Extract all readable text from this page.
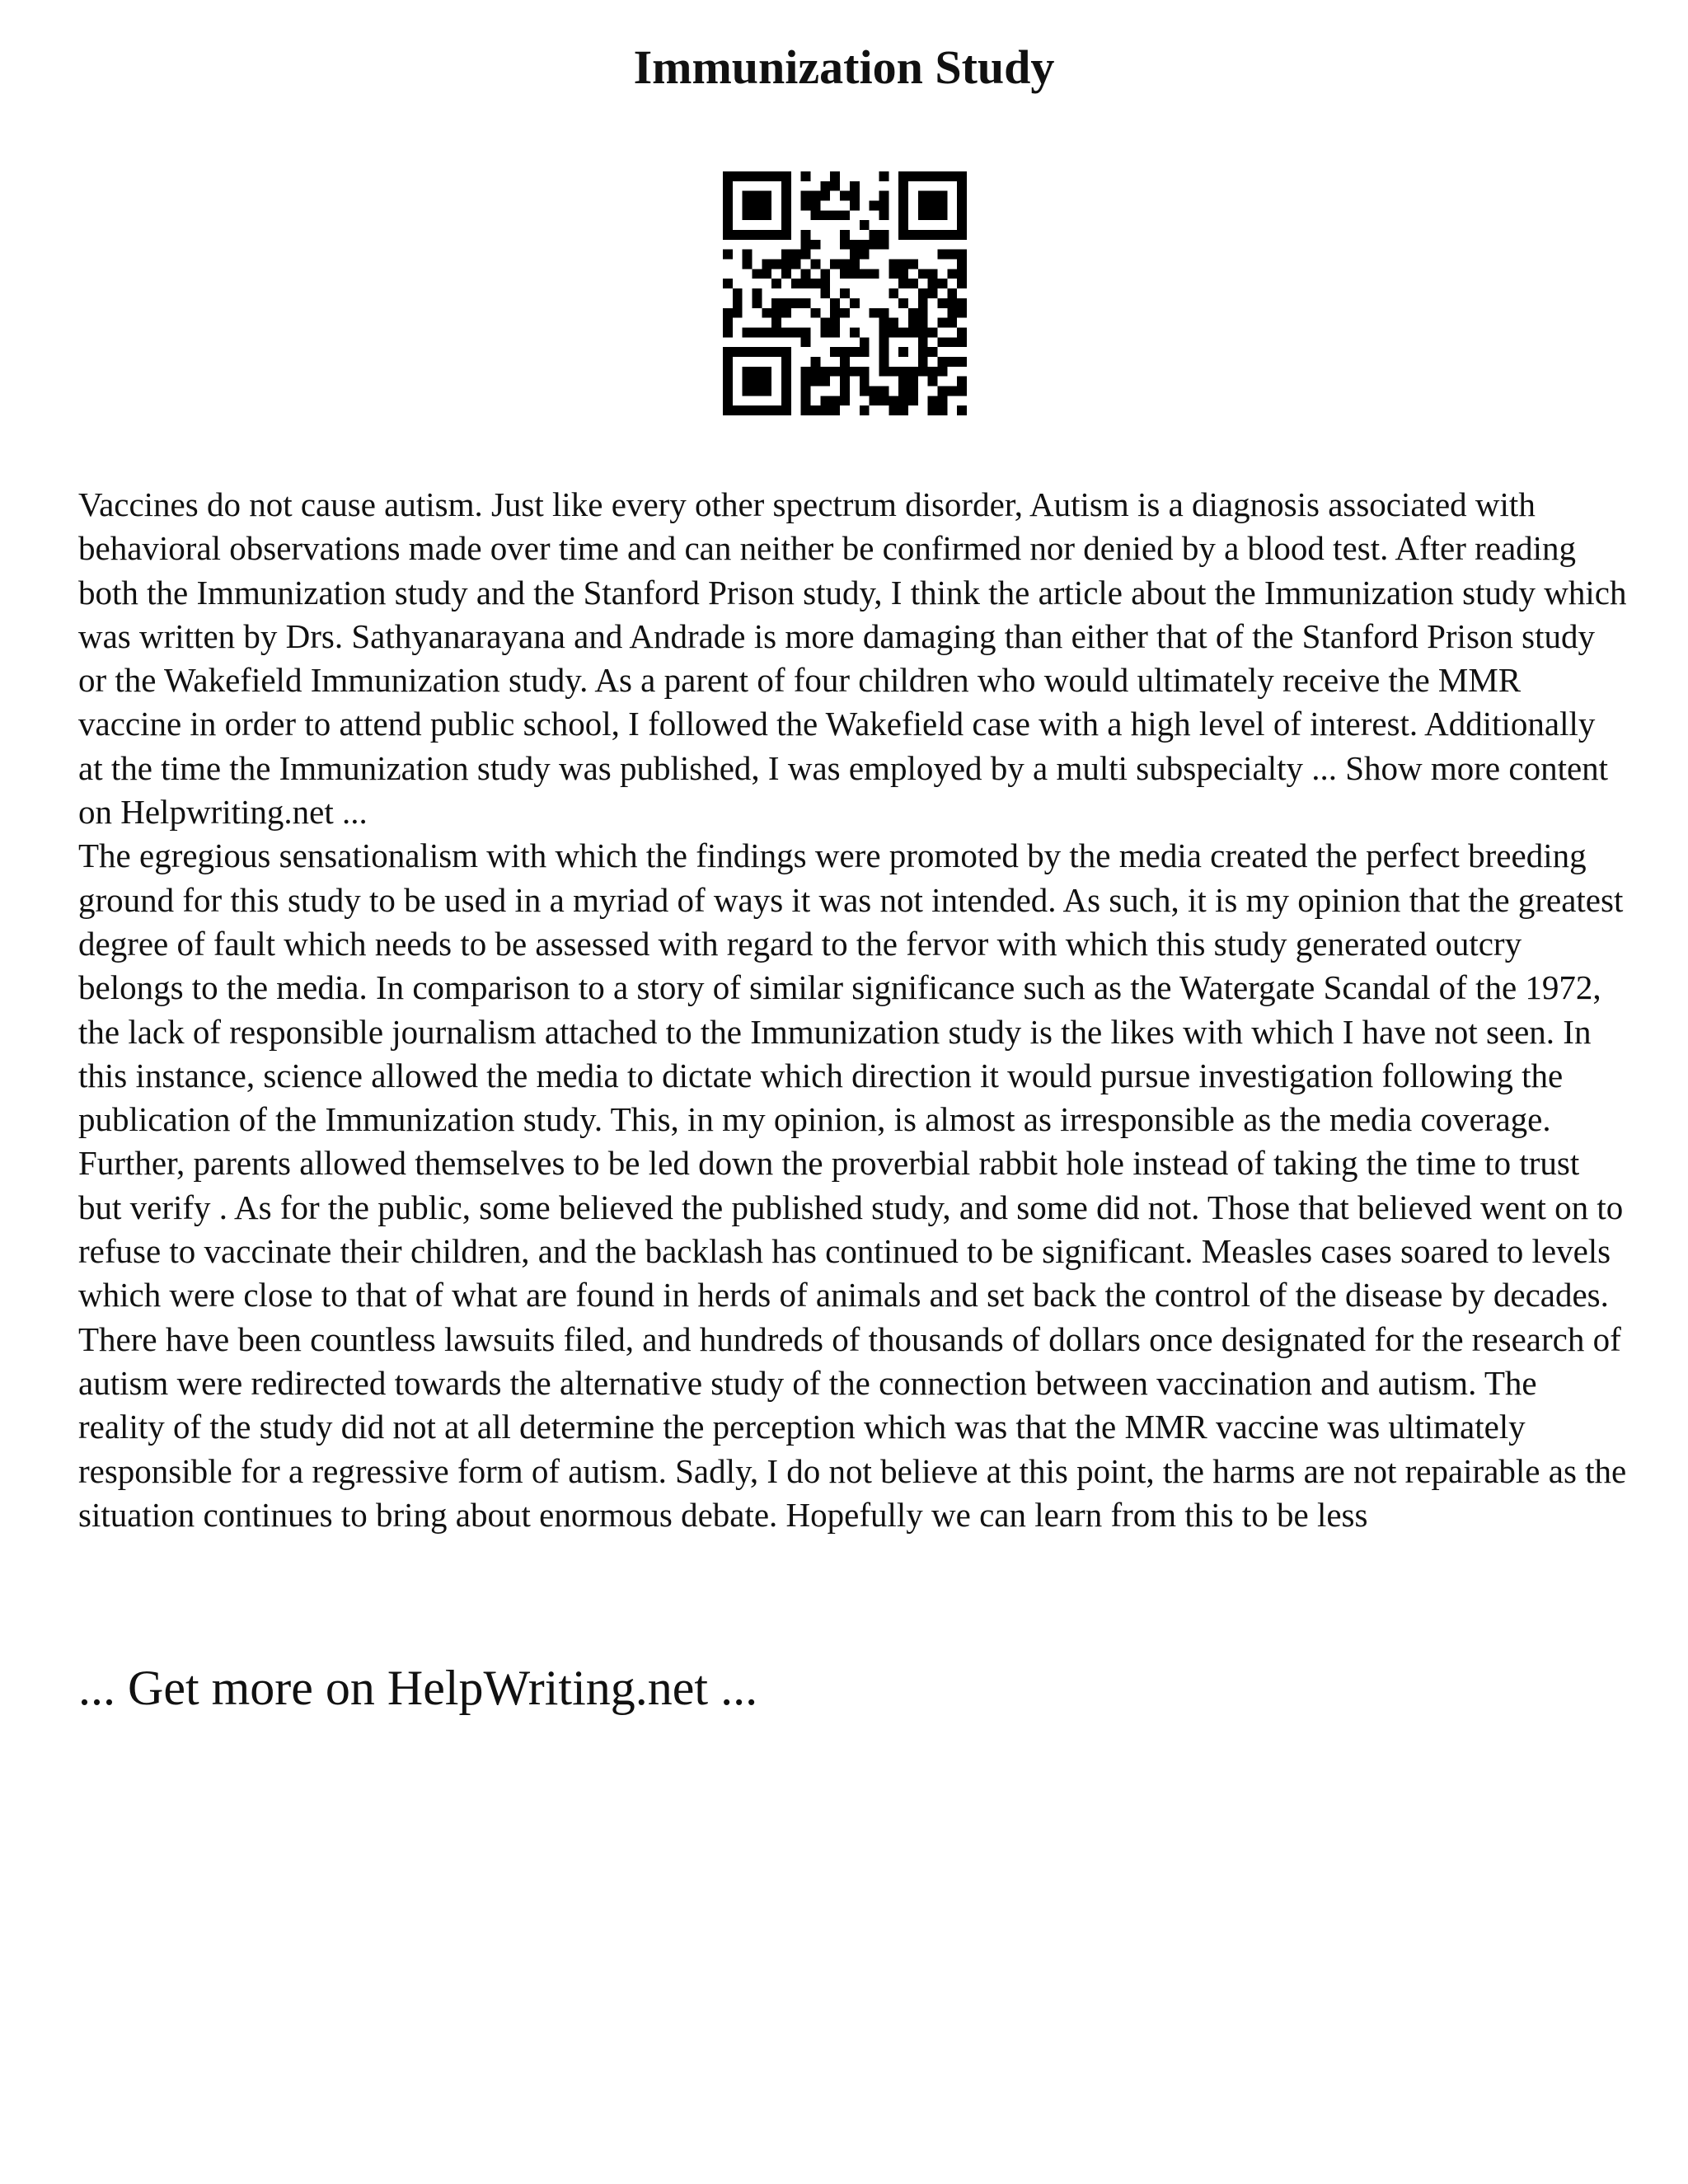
Immunization Study

Vaccines do not cause autism. Just like every other spectrum disorder, Autism is a diagnosis associated with behavioral observations made over time and can neither be confirmed nor denied by a blood test. After reading both the Immunization study and the Stanford Prison study, I think the article about the Immunization study which was written by Drs. Sathyanarayana and Andrade is more damaging than either that of the Stanford Prison study or the Wakefield Immunization study. As a parent of four children who would ultimately receive the MMR vaccine in order to attend public school, I followed the Wakefield case with a high level of interest. Additionally at the time the Immunization study was published, I was employed by a multi subspecialty ... Show more content on Helpwriting.net ...

The egregious sensationalism with which the findings were promoted by the media created the perfect breeding ground for this study to be used in a myriad of ways it was not intended. As such, it is my opinion that the greatest degree of fault which needs to be assessed with regard to the fervor with which this study generated outcry belongs to the media. In comparison to a story of similar significance such as the Watergate Scandal of the 1972, the lack of responsible journalism attached to the Immunization study is the likes with which I have not seen. In this instance, science allowed the media to dictate which direction it would pursue investigation following the publication of the Immunization study. This, in my opinion, is almost as irresponsible as the media coverage. Further, parents allowed themselves to be led down the proverbial rabbit hole instead of taking the time to trust but verify . As for the public, some believed the published study, and some did not. Those that believed went on to refuse to vaccinate their children, and the backlash has continued to be significant. Measles cases soared to levels which were close to that of what are found in herds of animals and set back the control of the disease by decades. There have been countless lawsuits filed, and hundreds of thousands of dollars once designated for the research of autism were redirected towards the alternative study of the connection between vaccination and autism. The reality of the study did not at all determine the perception which was that the MMR vaccine was ultimately responsible for a regressive form of autism. Sadly, I do not believe at this point, the harms are not repairable as the situation continues to bring about enormous debate. Hopefully we can learn from this to be less

... Get more on HelpWriting.net ...
